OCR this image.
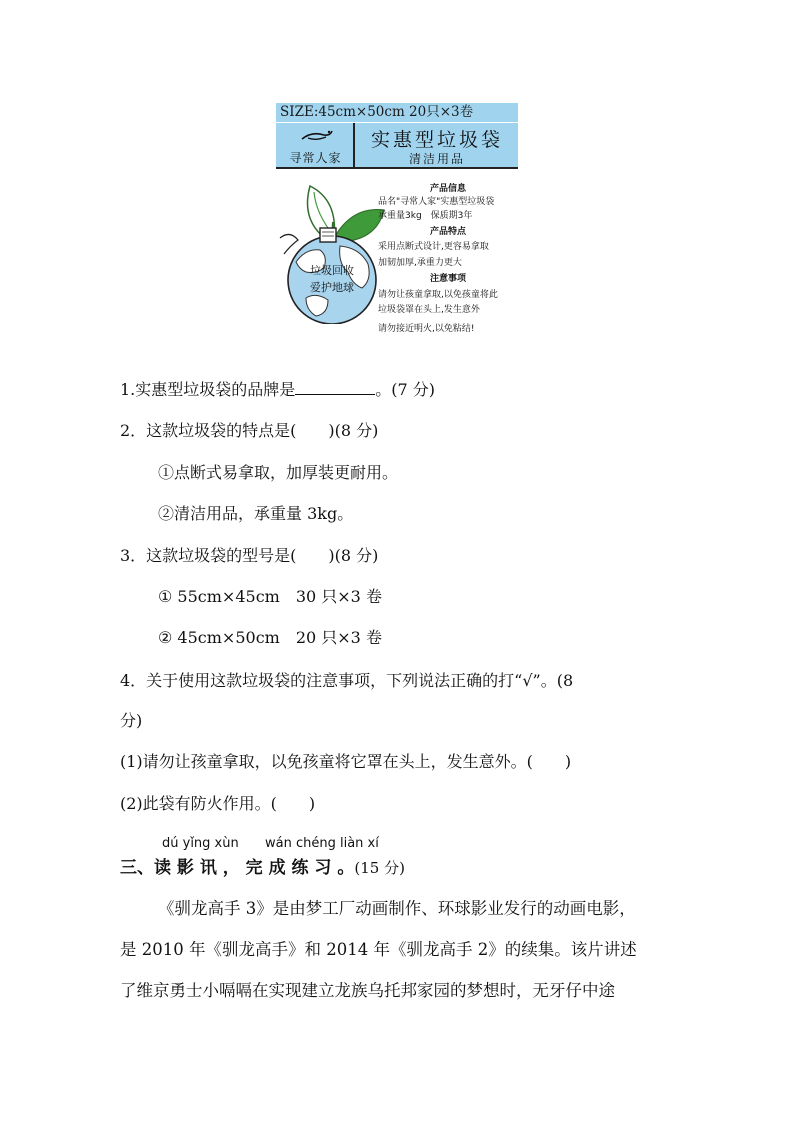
SIZE:45cm×50cm 20只×3卷
寻常人家
实惠型垃圾袋
清洁用品
垃圾回收
爱护地球
产品信息
品名"寻常人家"实惠型垃圾袋
承重量3kg　保质期3年
产品特点
采用点断式设计,更容易拿取
加韧加厚,承重力更大
注意事项
请勿让孩童拿取,以免孩童将此
垃圾袋罩在头上,发生意外
请勿接近明火,以免粘结!
1.实惠型垃圾袋的品牌是	。(7 分)
2．这款垃圾袋的特点是(　　)(8 分)
①点断式易拿取，加厚装更耐用。
②清洁用品，承重量 3kg。
3．这款垃圾袋的型号是(　　)(8 分)
① 55cm×45cm　30 只×3 卷
② 45cm×50cm　20 只×3 卷
4．关于使用这款垃圾袋的注意事项，下列说法正确的打“√”。(8
分)
(1)请勿让孩童拿取，以免孩童将它罩在头上，发生意外。(　　)
(2)此袋有防火作用。(　　)
dú yǐng xùn wán chéng liàn xí
三、读 影 讯 ， 完 成 练 习 。(15 分)
《驯龙高手 3》是由梦工厂动画制作、环球影业发行的动画电影，
是 2010 年《驯龙高手》和 2014 年《驯龙高手 2》的续集。该片讲述
了维京勇士小嗝嗝在实现建立龙族乌托邦家园的梦想时，无牙仔中途
